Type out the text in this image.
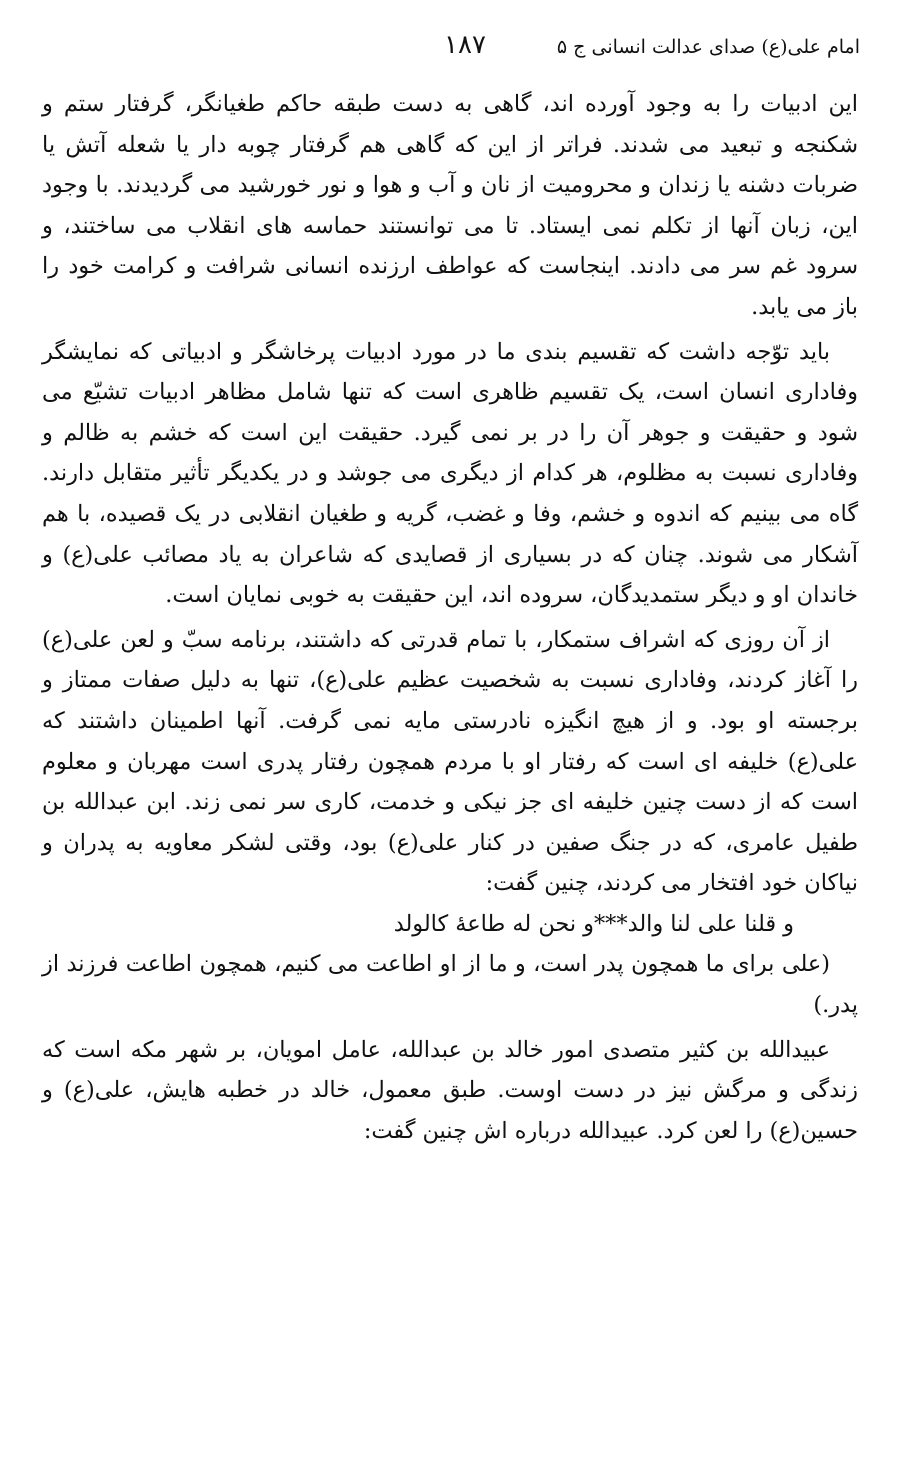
امام علی(ع) صدای عدالت انسانی ج ۵
۱۸۷

این ادبیات را به وجود آورده اند، گاهی به دست طبقه حاکم طغیانگر، گرفتار ستم و شکنجه و تبعید می شدند. فراتر از این که گاهی هم گرفتار چوبه دار یا شعله آتش یا ضربات دشنه یا زندان و محرومیت از نان و آب و هوا و نور خورشید می گردیدند. با وجود این، زبان آنها از تکلم نمی ایستاد. تا می توانستند حماسه های انقلاب می ساختند، و سرود غم سر می دادند. اینجاست که عواطف ارزنده انسانی شرافت و کرامت خود را باز می یابد.

باید توّجه داشت که تقسیم بندی ما در مورد ادبیات پرخاشگر و ادبیاتی که نمایشگر وفاداری انسان است، یک تقسیم ظاهری است که تنها شامل مظاهر ادبیات تشیّع می شود و حقیقت و جوهر آن را در بر نمی گیرد. حقیقت این است که خشم به ظالم و وفاداری نسبت به مظلوم، هر کدام از دیگری می جوشد و در یکدیگر تأثیر متقابل دارند. گاه می بینیم که اندوه و خشم، وفا و غضب، گریه و طغیان انقلابی در یک قصیده، با هم آشکار می شوند. چنان که در بسیاری از قصایدی که شاعران به یاد مصائب علی(ع) و خاندان او و دیگر ستمدیدگان، سروده اند، این حقیقت به خوبی نمایان است.

از آن روزی که اشراف ستمکار، با تمام قدرتی که داشتند، برنامه سبّ و لعن علی(ع) را آغاز کردند، وفاداری نسبت به شخصیت عظیم علی(ع)، تنها به دلیل صفات ممتاز و برجسته او بود. و از هیچ انگیزه نادرستی مایه نمی گرفت. آنها اطمینان داشتند که علی(ع) خلیفه ای است که رفتار او با مردم همچون رفتار پدری است مهربان و معلوم است که از دست چنین خلیفه ای جز نیکی و خدمت، کاری سر نمی زند. ابن عبدالله بن طفیل عامری، که در جنگ صفین در کنار علی(ع) بود، وقتی لشکر معاویه به پدران و نیاکان خود افتخار می کردند، چنین گفت:

و قلنا علی لنا والد***و نحن له طاعهٔ کالولد

(علی برای ما همچون پدر است، و ما از او اطاعت می کنیم، همچون اطاعت فرزند از پدر.)

عبیدالله بن کثیر متصدی امور خالد بن عبدالله، عامل امویان، بر شهر مکه است که زندگی و مرگش نیز در دست اوست. طبق معمول، خالد در خطبه هایش، علی(ع) و حسین(ع) را لعن کرد. عبیدالله درباره اش چنین گفت:
